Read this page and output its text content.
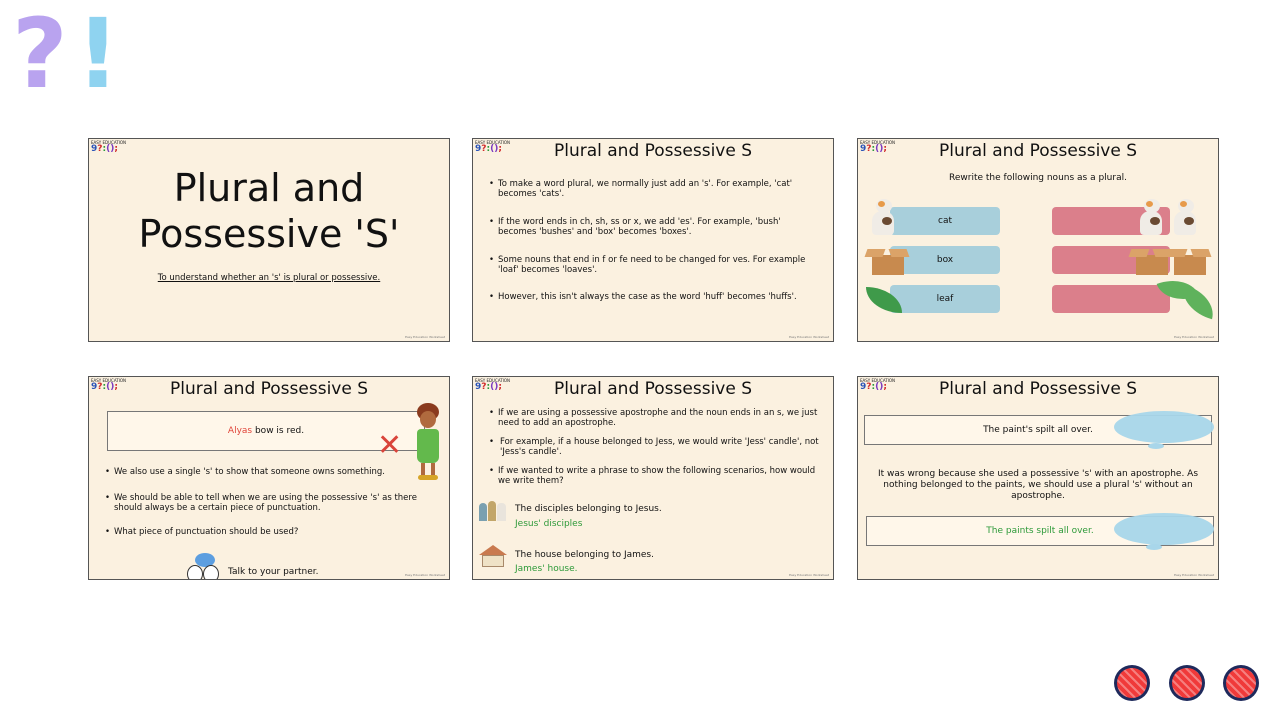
? !
EASY EDUCATION
9?:();
Plural and
Possessive 'S'
To understand whether an 's' is plural or possessive.
Easy Education Worksheet
EASY EDUCATION
9?:();	Plural and Possessive S
• To make a word plural, we normally just add an 's'. For example, 'cat' becomes 'cats'.
• If the word ends in ch, sh, ss or x, we add 'es'. For example, 'bush' becomes 'bushes' and 'box' becomes 'boxes'.
• Some nouns that end in f or fe need to be changed for ves. For example 'loaf' becomes 'loaves'.
• However, this isn't always the case as the word 'huff' becomes 'huffs'.
Easy Education Worksheet
EASY EDUCATION
9?:();	Plural and Possessive S
Rewrite the following nouns as a plural.
cat
box
leaf
Easy Education Worksheet
EASY EDUCATION
9?:();	Plural and Possessive S
Alya s bow is red. ✕
• We also use a single 's' to show that someone owns something.
• We should be able to tell when we are using the possessive 's' as there should always be a certain piece of punctuation.
• What piece of punctuation should be used?
Talk to your partner.	Easy Education Worksheet
EASY EDUCATION
9?:();	Plural and Possessive S
• If we are using a possessive apostrophe and the noun ends in an s, we just need to add an apostrophe.
• For example, if a house belonged to Jess, we would write 'Jess' candle', not 'Jess's candle'.
• If we wanted to write a phrase to show the following scenarios, how would we write them?
The disciples belonging to Jesus.
Jesus' disciples
The house belonging to James.
James' house.
Easy Education Worksheet
EASY EDUCATION
9?:();	Plural and Possessive S
The paint's spilt all over.
It was wrong because she used a possessive 's' with an apostrophe. As nothing belonged to the paints, we should use a plural 's' without an apostrophe.
The paints spilt all over.
Easy Education Worksheet
